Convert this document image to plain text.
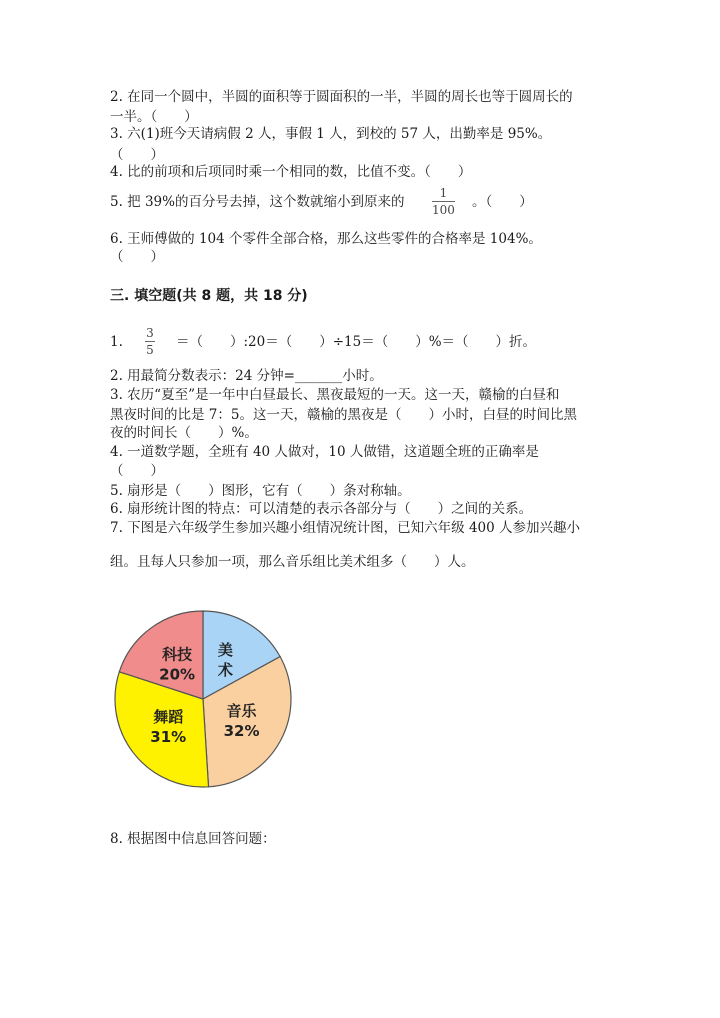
2. 在同一个圆中，半圆的面积等于圆面积的一半，半圆的周长也等于圆周长的
一半。（　　）
3. 六(1)班今天请病假 2 人，事假 1 人，到校的 57 人，出勤率是 95%。
（　　）
4. 比的前项和后项同时乘一个相同的数，比值不变。（　　）
5. 把 39%的百分号去掉，这个数就缩小到原来的
1
100 。（　　）
6. 王师傅做的 104 个零件全部合格，那么这些零件的合格率是 104%。
（　　）
三. 填空题(共 8 题，共 18 分)
1.
3
5 ＝（　　）:20＝（　　）÷15＝（　　）%＝（　　）折。
2. 用最简分数表示：24 分钟=_______小时。
3. 农历“夏至”是一年中白昼最长、黑夜最短的一天。这一天，赣榆的白昼和
黑夜时间的比是 7：5。这一天，赣榆的黑夜是（　　）小时，白昼的时间比黑
夜的时间长（　　）%。
4. 一道数学题，全班有 40 人做对，10 人做错，这道题全班的正确率是
（　　）
5. 扇形是（　　）图形，它有（　　）条对称轴。
6. 扇形统计图的特点：可以清楚的表示各部分与（　　）之间的关系。
7. 下图是六年级学生参加兴趣小组情况统计图，已知六年级 400 人参加兴趣小
组。且每人只参加一项，那么音乐组比美术组多（　　）人。
美术
音乐
32%
舞蹈
31%
科技
20%
8. 根据图中信息回答问题：
